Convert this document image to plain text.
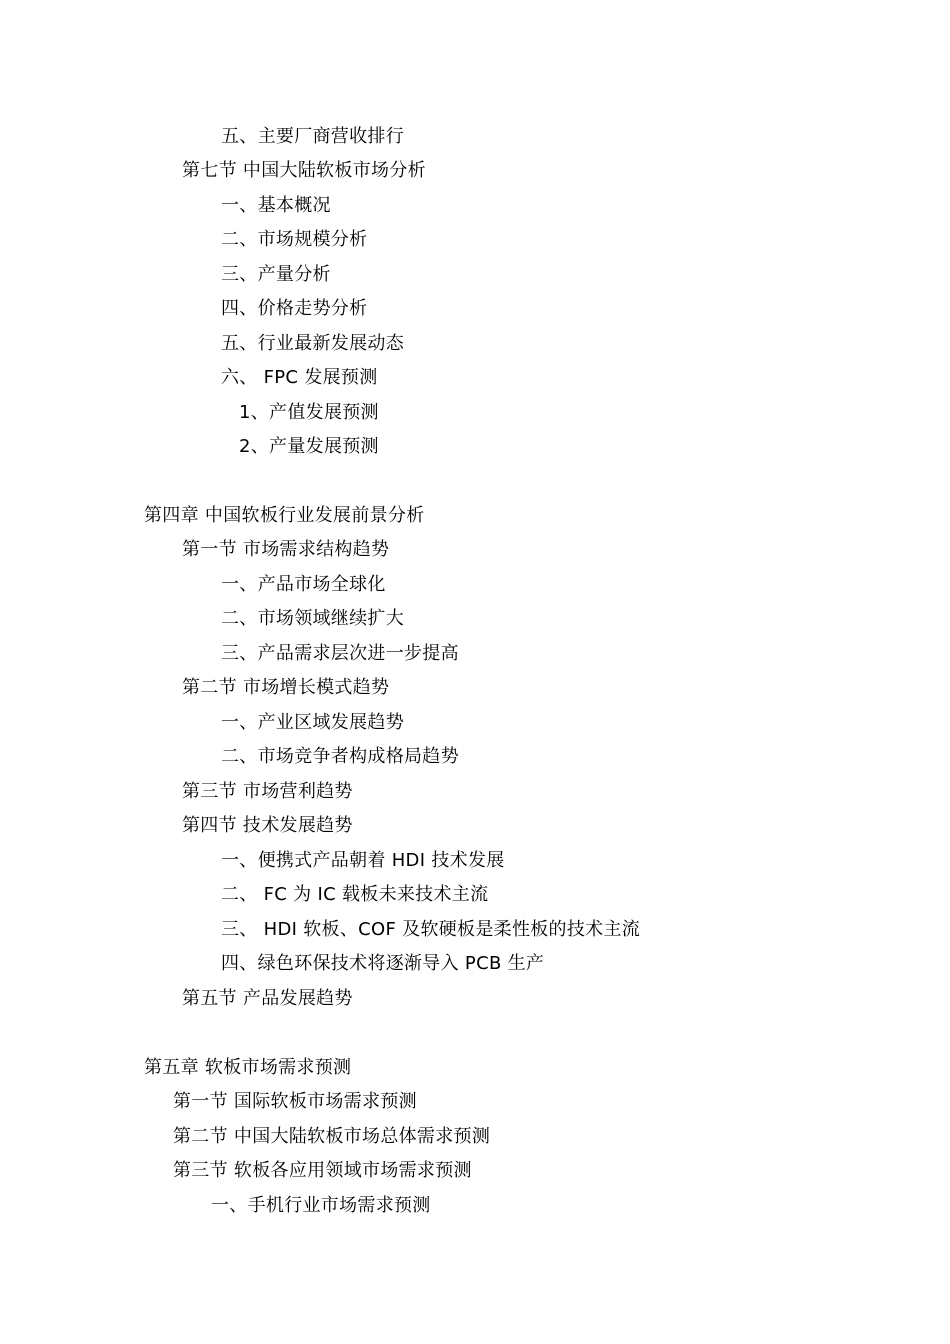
五、主要厂商营收排行
第七节 中国大陆软板市场分析
一、基本概况
二、市场规模分析
三、产量分析
四、价格走势分析
五、行业最新发展动态
六、 FPC 发展预测
1、产值发展预测
2、产量发展预测
第四章 中国软板行业发展前景分析
第一节 市场需求结构趋势
一、产品市场全球化
二、市场领域继续扩大
三、产品需求层次进一步提高
第二节 市场增长模式趋势
一、产业区域发展趋势
二、市场竞争者构成格局趋势
第三节 市场营利趋势
第四节 技术发展趋势
一、便携式产品朝着 HDI 技术发展
二、 FC 为 IC 载板未来技术主流
三、 HDI 软板、COF 及软硬板是柔性板的技术主流
四、绿色环保技术将逐渐导入 PCB 生产
第五节 产品发展趋势
第五章 软板市场需求预测
第一节 国际软板市场需求预测
第二节 中国大陆软板市场总体需求预测
第三节 软板各应用领域市场需求预测
一、手机行业市场需求预测
